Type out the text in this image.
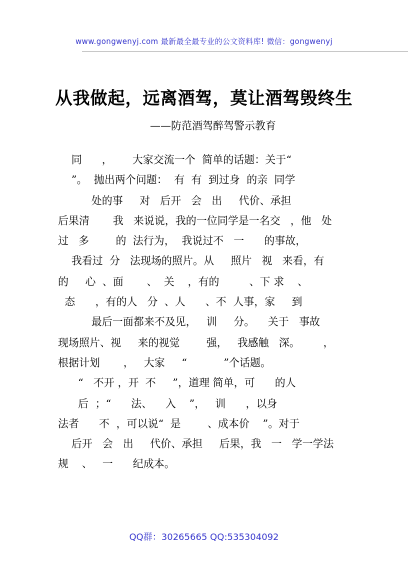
www.gongwenyj.com 最新最全最专业的公文资料库! 微信：gongwenyj
从我做起，远离酒驾，莫让酒驾毁终生
——防范酒驾醉驾警示教育
同      ，      大家交流一个  简单的话题：关于“
”。  抛出两个问题：  有  有  到过身  的亲  同学
处的事     对   后开   会   出     代价、承担
后果清       我   来说说，我的一位同学是一名交   ，他   处
过   多        的  法行为，  我说过不   一      的事故，
我看过  分   法现场的照片。从     照片   视   来看，有
的     心  、面       、  关    ，有的         、下 求    、
态      ，有的人   分  、人      、不  人事，家     到
最后一面都来不及见，   训     分。    关于   事故
现场照片、视     来的视觉        强，   我感触   深。       ，
根据计划       ，   大家     “           ”个话题。
“   不开 ，开  不     ”，道理 简单，可      的人
后  ；“      法、    入    ”，   训      ，以身
法者      不  ，可以说“  是        、成本价    ”。对于
后开   会   出     代价、承担     后果，我   一   学一学法
规    、   一      纪成本。
QQ群：30265665 QQ:535304092
